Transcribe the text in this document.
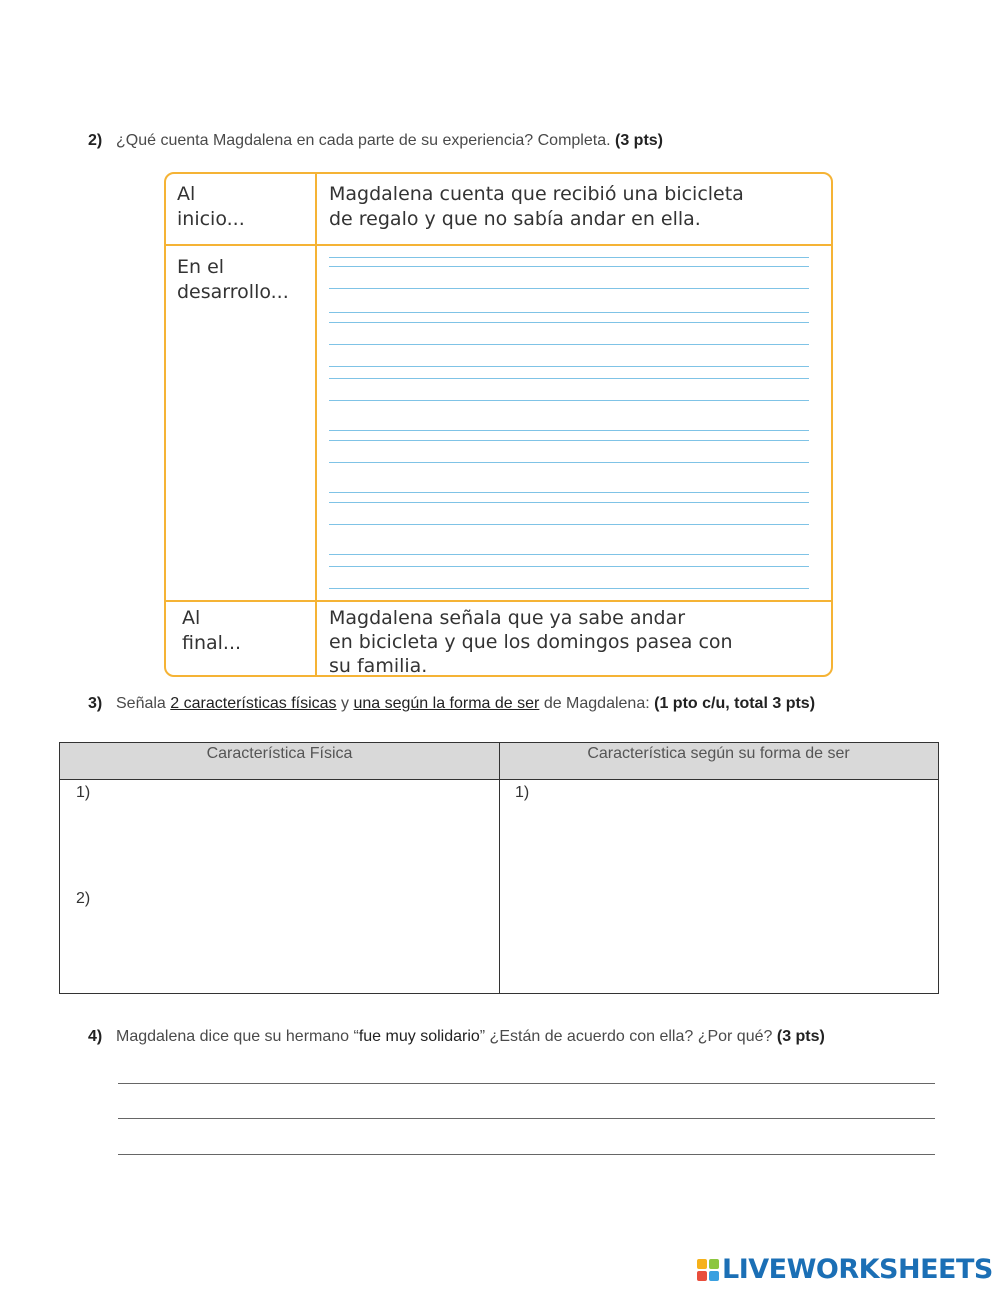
2) ¿Qué cuenta Magdalena en cada parte de su experiencia? Completa. (3 pts)
Al
inicio...
Magdalena cuenta que recibió una bicicleta
de regalo y que no sabía andar en ella.
En el
desarrollo...
Al
final...
Magdalena señala que ya sabe andar
en bicicleta y que los domingos pasea con
su familia.
3) Señala 2 características físicas y una según la forma de ser de Magdalena: (1 pto c/u, total 3 pts)
Característica Física	Característica según su forma de ser
1)
2)
1)
4) Magdalena dice que su hermano “fue muy solidario” ¿Están de acuerdo con ella? ¿Por qué? (3 pts)
LIVEWORKSHEETS
